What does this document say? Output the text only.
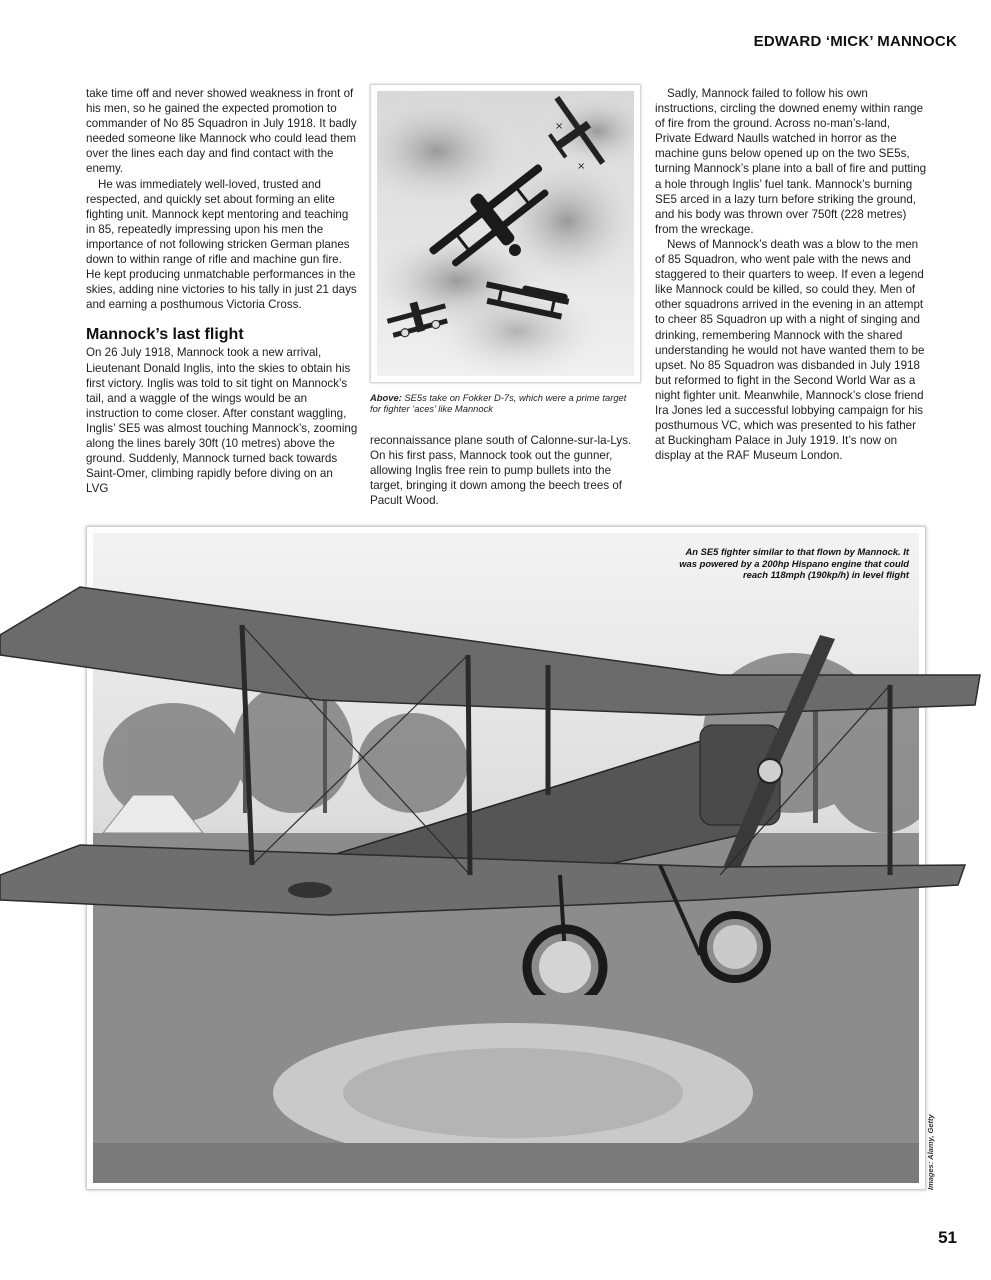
EDWARD ‘MICK’ MANNOCK

take time off and never showed weakness in front of his men, so he gained the expected promotion to commander of No 85 Squadron in July 1918. It badly needed someone like Mannock who could lead them over the lines each day and find contact with the enemy.

He was immediately well-loved, trusted and respected, and quickly set about forming an elite fighting unit. Mannock kept mentoring and teaching in 85, repeatedly impressing upon his men the importance of not following stricken German planes down to within range of rifle and machine gun fire. He kept producing unmatchable performances in the skies, adding nine victories to his tally in just 21 days and earning a posthumous Victoria Cross.

Mannock’s last flight

On 26 July 1918, Mannock took a new arrival, Lieutenant Donald Inglis, into the skies to obtain his first victory. Inglis was told to sit tight on Mannock’s tail, and a waggle of the wings would be an instruction to come closer. After constant waggling, Inglis’ SE5 was almost touching Mannock’s, zooming along the lines barely 30ft (10 metres) above the ground. Suddenly, Mannock turned back towards Saint-Omer, climbing rapidly before diving on an LVG

×
×
Above: SE5s take on Fokker D-7s, which were a prime target for fighter ‘aces’ like Mannock

reconnaissance plane south of Calonne-sur-la-Lys. On his first pass, Mannock took out the gunner, allowing Inglis free rein to pump bullets into the target, bringing it down among the beech trees of Pacult Wood.

Sadly, Mannock failed to follow his own instructions, circling the downed enemy within range of fire from the ground. Across no-man’s-land, Private Edward Naulls watched in horror as the machine guns below opened up on the two SE5s, turning Mannock’s plane into a ball of fire and putting a hole through Inglis’ fuel tank. Mannock’s burning SE5 arced in a lazy turn before striking the ground, and his body was thrown over 750ft (228 metres) from the wreckage.

News of Mannock’s death was a blow to the men of 85 Squadron, who went pale with the news and staggered to their quarters to weep. If even a legend like Mannock could be killed, so could they. Men of other squadrons arrived in the evening in an attempt to cheer 85 Squadron up with a night of singing and drinking, remembering Mannock with the shared understanding he would not have wanted them to be upset. No 85 Squadron was disbanded in July 1918 but reformed to fight in the Second World War as a night fighter unit. Meanwhile, Mannock’s close friend Ira Jones led a successful lobbying campaign for his posthumous VC, which was presented to his father at Buckingham Palace in July 1919. It’s now on display at the RAF Museum London.

An SE5 fighter similar to that flown by Mannock. It was powered by a 200hp Hispano engine that could reach 118mph (190kp/h) in level flight
Images: Alamy, Getty
51
